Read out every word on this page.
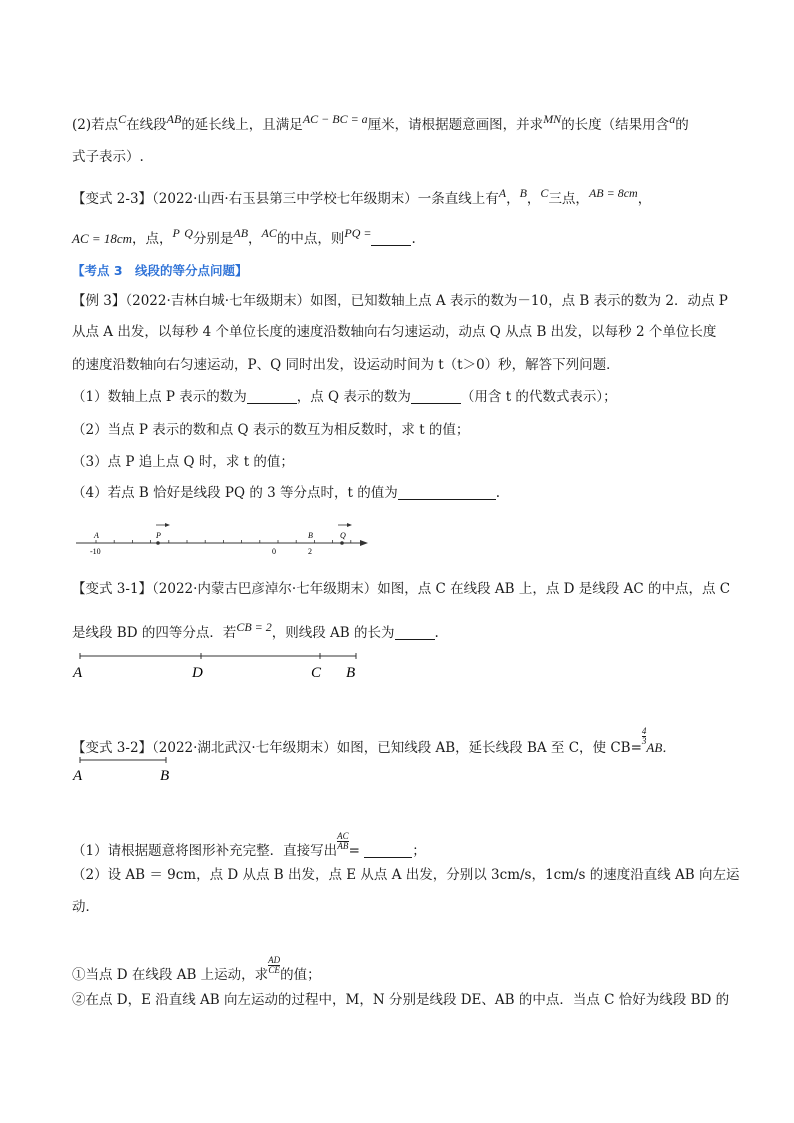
(2)若点C在线段AB的延长线上，且满足AC − BC = a厘米，请根据题意画图，并求MN的长度（结果用含a的
式子表示）.
【变式 2-3】（2022·山西·右玉县第三中学校七年级期末）一条直线上有A，B，C三点，AB = 8cm，
AC = 18cm，点，P Q分别是AB，AC的中点，则PQ =	.
【考点 3　线段的等分点问题】
【例 3】（2022·吉林白城·七年级期末）如图，已知数轴上点 A 表示的数为－10，点 B 表示的数为 2．动点 P
从点 A 出发，以每秒 4 个单位长度的速度沿数轴向右匀速运动，动点 Q 从点 B 出发，以每秒 2 个单位长度
的速度沿数轴向右匀速运动，P、Q 同时出发，设运动时间为 t（t＞0）秒，解答下列问题．
（1）数轴上点 P 表示的数为	，点 Q 表示的数为	（用含 t 的代数式表示）；
（2）当点 P 表示的数和点 Q 表示的数互为相反数时，求 t 的值；
（3）点 P 追上点 Q 时，求 t 的值；
（4）若点 B 恰好是线段 PQ 的 3 等分点时，t 的值为	.
A	P	B	Q
-10	0	2
【变式 3-1】（2022·内蒙古巴彦淖尔·七年级期末）如图，点 C 在线段 AB 上，点 D 是线段 AC 的中点，点 C
是线段 BD 的四等分点．若CB = 2，则线段 AB 的长为	.
A	D	C B
【变式 3-2】（2022·湖北武汉·七年级期末）如图，已知线段 AB，延长线段 BA 至 C，使 CB=
$\frac{4}{3}$
AB．
A	B
（1）请根据题意将图形补充完整．直接写出 $\frac{AC}{AB}$ =	；
（2）设 AB ＝ 9cm，点 D 从点 B 出发，点 E 从点 A 出发，分别以 3cm/s，1cm/s 的速度沿直线 AB 向左运
动．
①当点 D 在线段 AB 上运动，求 $\frac{AD}{CE}$ 的值；
②在点 D，E 沿直线 AB 向左运动的过程中，M，N 分别是线段 DE、AB 的中点．当点 C 恰好为线段 BD 的
